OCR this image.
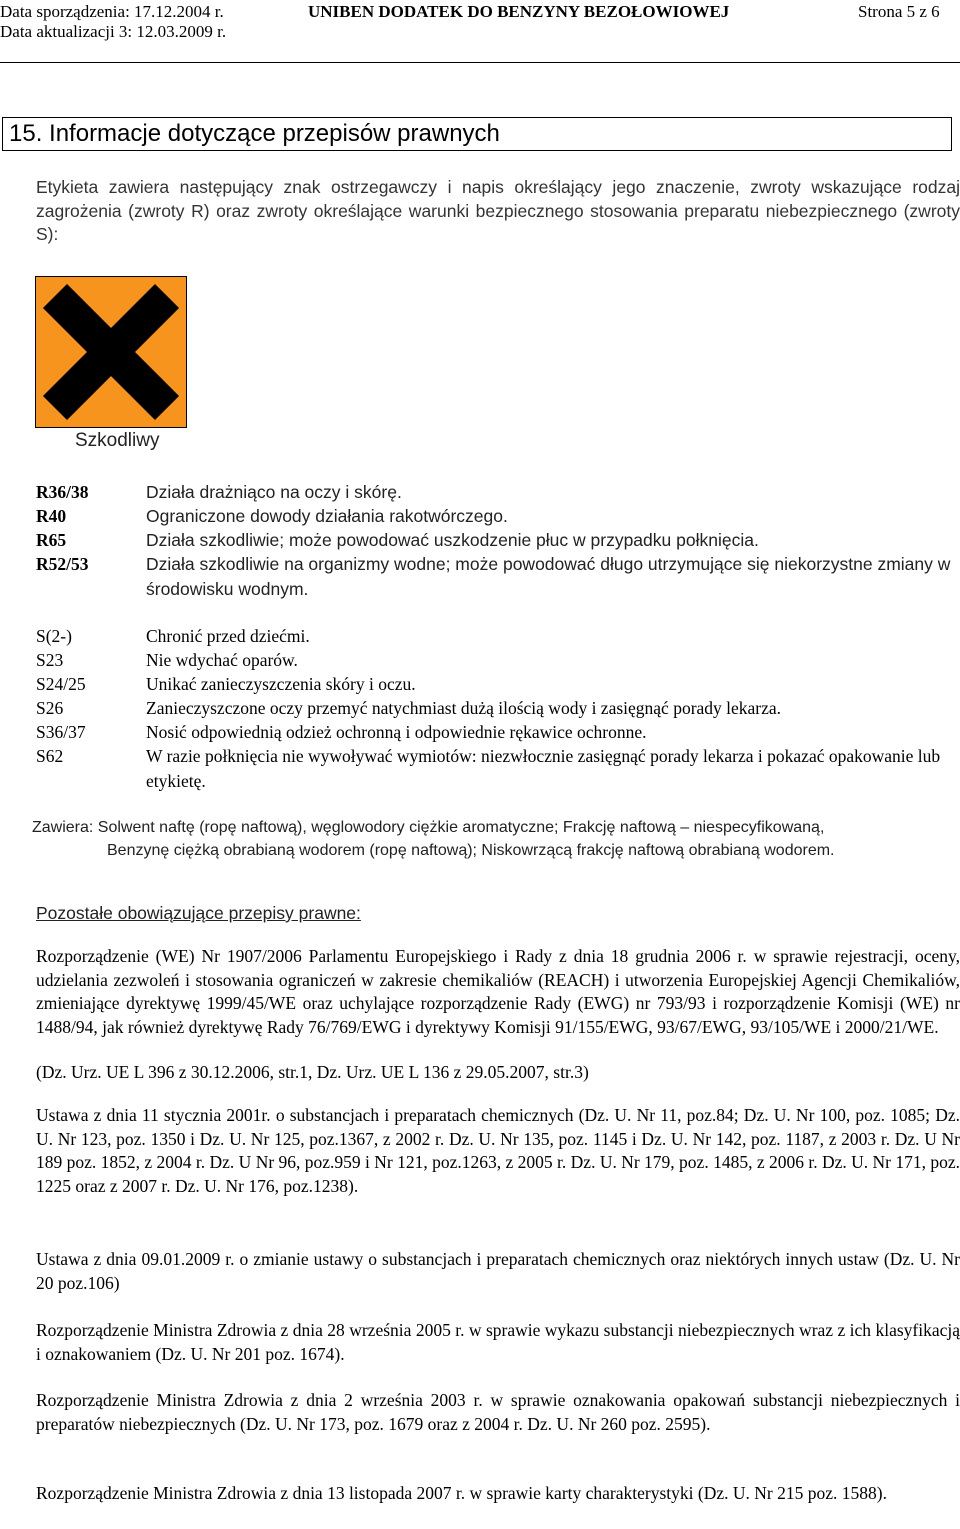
Data sporządzenia: 17.12.2004 r.
Data aktualizacji 3: 12.03.2009 r.
UNIBEN DODATEK DO BENZYNY BEZOŁOWIOWEJ	Strona 5 z 6
15. Informacje dotyczące przepisów prawnych
Etykieta zawiera następujący znak ostrzegawczy i napis określający jego znaczenie, zwroty wskazujące rodzaj zagrożenia (zwroty R) oraz zwroty określające warunki bezpiecznego stosowania preparatu niebezpiecznego (zwroty S):
Szkodliwy
R36/38	Działa drażniąco na oczy i skórę.
R40	Ograniczone dowody działania rakotwórczego.
R65	Działa szkodliwie; może powodować uszkodzenie płuc w przypadku połknięcia.
R52/53	Działa szkodliwie na organizmy wodne; może powodować długo utrzymujące się niekorzystne zmiany w środowisku wodnym.
S(2-)	Chronić przed dziećmi.
S23	Nie wdychać oparów.
S24/25	Unikać zanieczyszczenia skóry i oczu.
S26	Zanieczyszczone oczy przemyć natychmiast dużą ilością wody i zasięgnąć porady lekarza.
S36/37	Nosić odpowiednią odzież ochronną i odpowiednie rękawice ochronne.
S62	W razie połknięcia nie wywoływać wymiotów: niezwłocznie zasięgnąć porady lekarza i pokazać opakowanie lub etykietę.
Zawiera: Solwent naftę (ropę naftową), węglowodory ciężkie aromatyczne; Frakcję naftową – niespecyfikowaną,
Benzynę ciężką obrabianą wodorem (ropę naftową); Niskowrzącą frakcję naftową obrabianą wodorem.
Pozostałe obowiązujące przepisy prawne:
Rozporządzenie (WE) Nr 1907/2006 Parlamentu Europejskiego i Rady z dnia 18 grudnia 2006 r. w sprawie rejestracji, oceny, udzielania zezwoleń i stosowania ograniczeń w zakresie chemikaliów (REACH) i utworzenia Europejskiej Agencji Chemikaliów, zmieniające dyrektywę 1999/45/WE oraz uchylające rozporządzenie Rady (EWG) nr 793/93 i rozporządzenie Komisji (WE) nr 1488/94, jak również dyrektywę Rady 76/769/EWG i dyrektywy Komisji 91/155/EWG, 93/67/EWG, 93/105/WE i 2000/21/WE.
(Dz. Urz. UE L 396 z 30.12.2006, str.1, Dz. Urz. UE L 136 z 29.05.2007, str.3)
Ustawa z dnia 11 stycznia 2001r. o substancjach i preparatach chemicznych (Dz. U. Nr 11, poz.84; Dz. U. Nr 100, poz. 1085; Dz. U. Nr 123, poz. 1350 i Dz. U. Nr 125, poz.1367, z 2002 r. Dz. U. Nr 135, poz. 1145 i Dz. U. Nr 142, poz. 1187, z 2003 r. Dz. U Nr 189 poz. 1852, z 2004 r. Dz. U Nr 96, poz.959 i Nr 121, poz.1263, z 2005 r. Dz. U. Nr 179, poz. 1485, z 2006 r. Dz. U. Nr 171, poz. 1225 oraz z 2007 r. Dz. U. Nr 176, poz.1238).
Ustawa z dnia 09.01.2009 r. o zmianie ustawy o substancjach i preparatach chemicznych oraz niektórych innych ustaw (Dz. U. Nr 20 poz.106)
Rozporządzenie Ministra Zdrowia z dnia 28 września 2005 r. w sprawie wykazu substancji niebezpiecznych wraz z ich klasyfikacją i oznakowaniem (Dz. U. Nr 201 poz. 1674).
Rozporządzenie Ministra Zdrowia z dnia 2 września 2003 r. w sprawie oznakowania opakowań substancji niebezpiecznych i preparatów niebezpiecznych (Dz. U. Nr 173, poz. 1679 oraz z 2004 r. Dz. U. Nr 260 poz. 2595).
Rozporządzenie Ministra Zdrowia z dnia 13 listopada 2007 r. w sprawie karty charakterystyki (Dz. U. Nr 215 poz. 1588).
